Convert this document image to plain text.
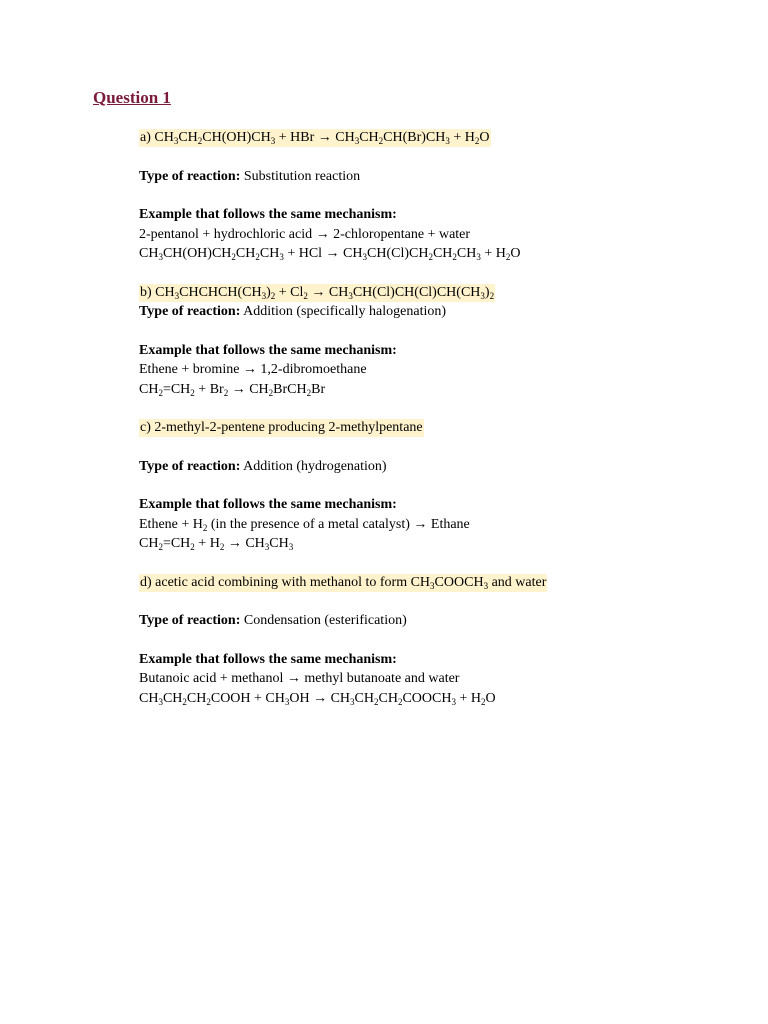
Question 1
a) $CH_3CH_2CH(OH)CH_3$ + HBr → $CH_3CH_2CH(Br)CH_3 + H_2O$
Type of reaction: Substitution reaction
Example that follows the same mechanism:
2-pentanol + hydrochloric acid → 2-chloropentane + water
$CH_3CH(OH)CH_2CH_2CH_3$ + HCl → $CH_3CH(Cl)CH_2CH_2CH_3 + H_2O$
b) $CH_3CHCHCH(CH_3)_2 + Cl_2 \to CH_3CH(Cl)CH(Cl)CH(CH_3)_2$
Type of reaction: Addition (specifically halogenation)
Example that follows the same mechanism:
Ethene + bromine → 1,2-dibromoethane
$CH_2=CH_2 + Br_2$ → $CH_2BrCH_2Br$
c) 2-methyl-2-pentene producing 2-methylpentane
Type of reaction: Addition (hydrogenation)
Example that follows the same mechanism:
Ethene + $H_2$ (in the presence of a metal catalyst) → Ethane
$CH_2=CH_2 + H_2 \to CH_3CH_3$
d) acetic acid combining with methanol to form $CH_3COOCH_3$ and water
Type of reaction: Condensation (esterification)
Example that follows the same mechanism:
Butanoic acid + methanol → methyl butanoate and water
$CH_3CH_2CH_2COOH + CH_3OH$ → $CH_3CH_2CH_2COOCH_3 + H_2O$
